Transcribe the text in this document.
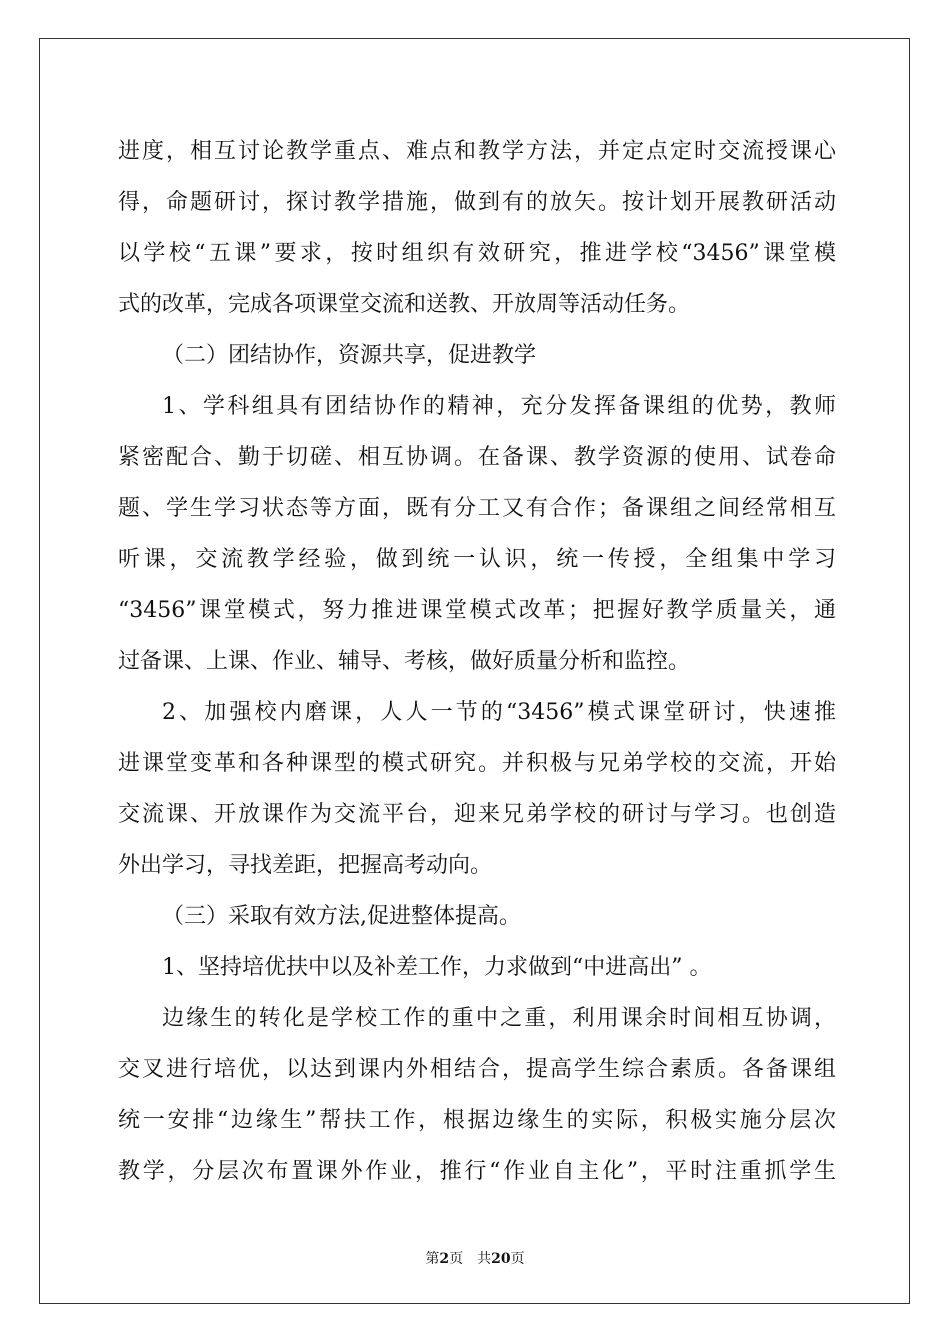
进度，相互讨论教学重点、难点和教学方法，并定点定时交流授课心
得，命题研讨，探讨教学措施，做到有的放矢。按计划开展教研活动
以学校“五课”要求，按时组织有效研究，推进学校“3456”课堂模
式的改革，完成各项课堂交流和送教、开放周等活动任务。
（二）团结协作，资源共享，促进教学
1、学科组具有团结协作的精神，充分发挥备课组的优势，教师
紧密配合、勤于切磋、相互协调。在备课、教学资源的使用、试卷命
题、学生学习状态等方面，既有分工又有合作；备课组之间经常相互
听课，交流教学经验，做到统一认识，统一传授，全组集中学习
“3456”课堂模式，努力推进课堂模式改革；把握好教学质量关，通
过备课、上课、作业、辅导、考核，做好质量分析和监控。
2、加强校内磨课，人人一节的“3456”模式课堂研讨，快速推
进课堂变革和各种课型的模式研究。并积极与兄弟学校的交流，开始
交流课、开放课作为交流平台，迎来兄弟学校的研讨与学习。也创造
外出学习，寻找差距，把握高考动向。
（三）采取有效方法,促进整体提高。
1、坚持培优扶中以及补差工作，力求做到“中进高出” 。
边缘生的转化是学校工作的重中之重，利用课余时间相互协调，
交叉进行培优，以达到课内外相结合，提高学生综合素质。各备课组
统一安排“边缘生”帮扶工作，根据边缘生的实际，积极实施分层次
教学，分层次布置课外作业，推行“作业自主化”，平时注重抓学生
第2页　共20页
